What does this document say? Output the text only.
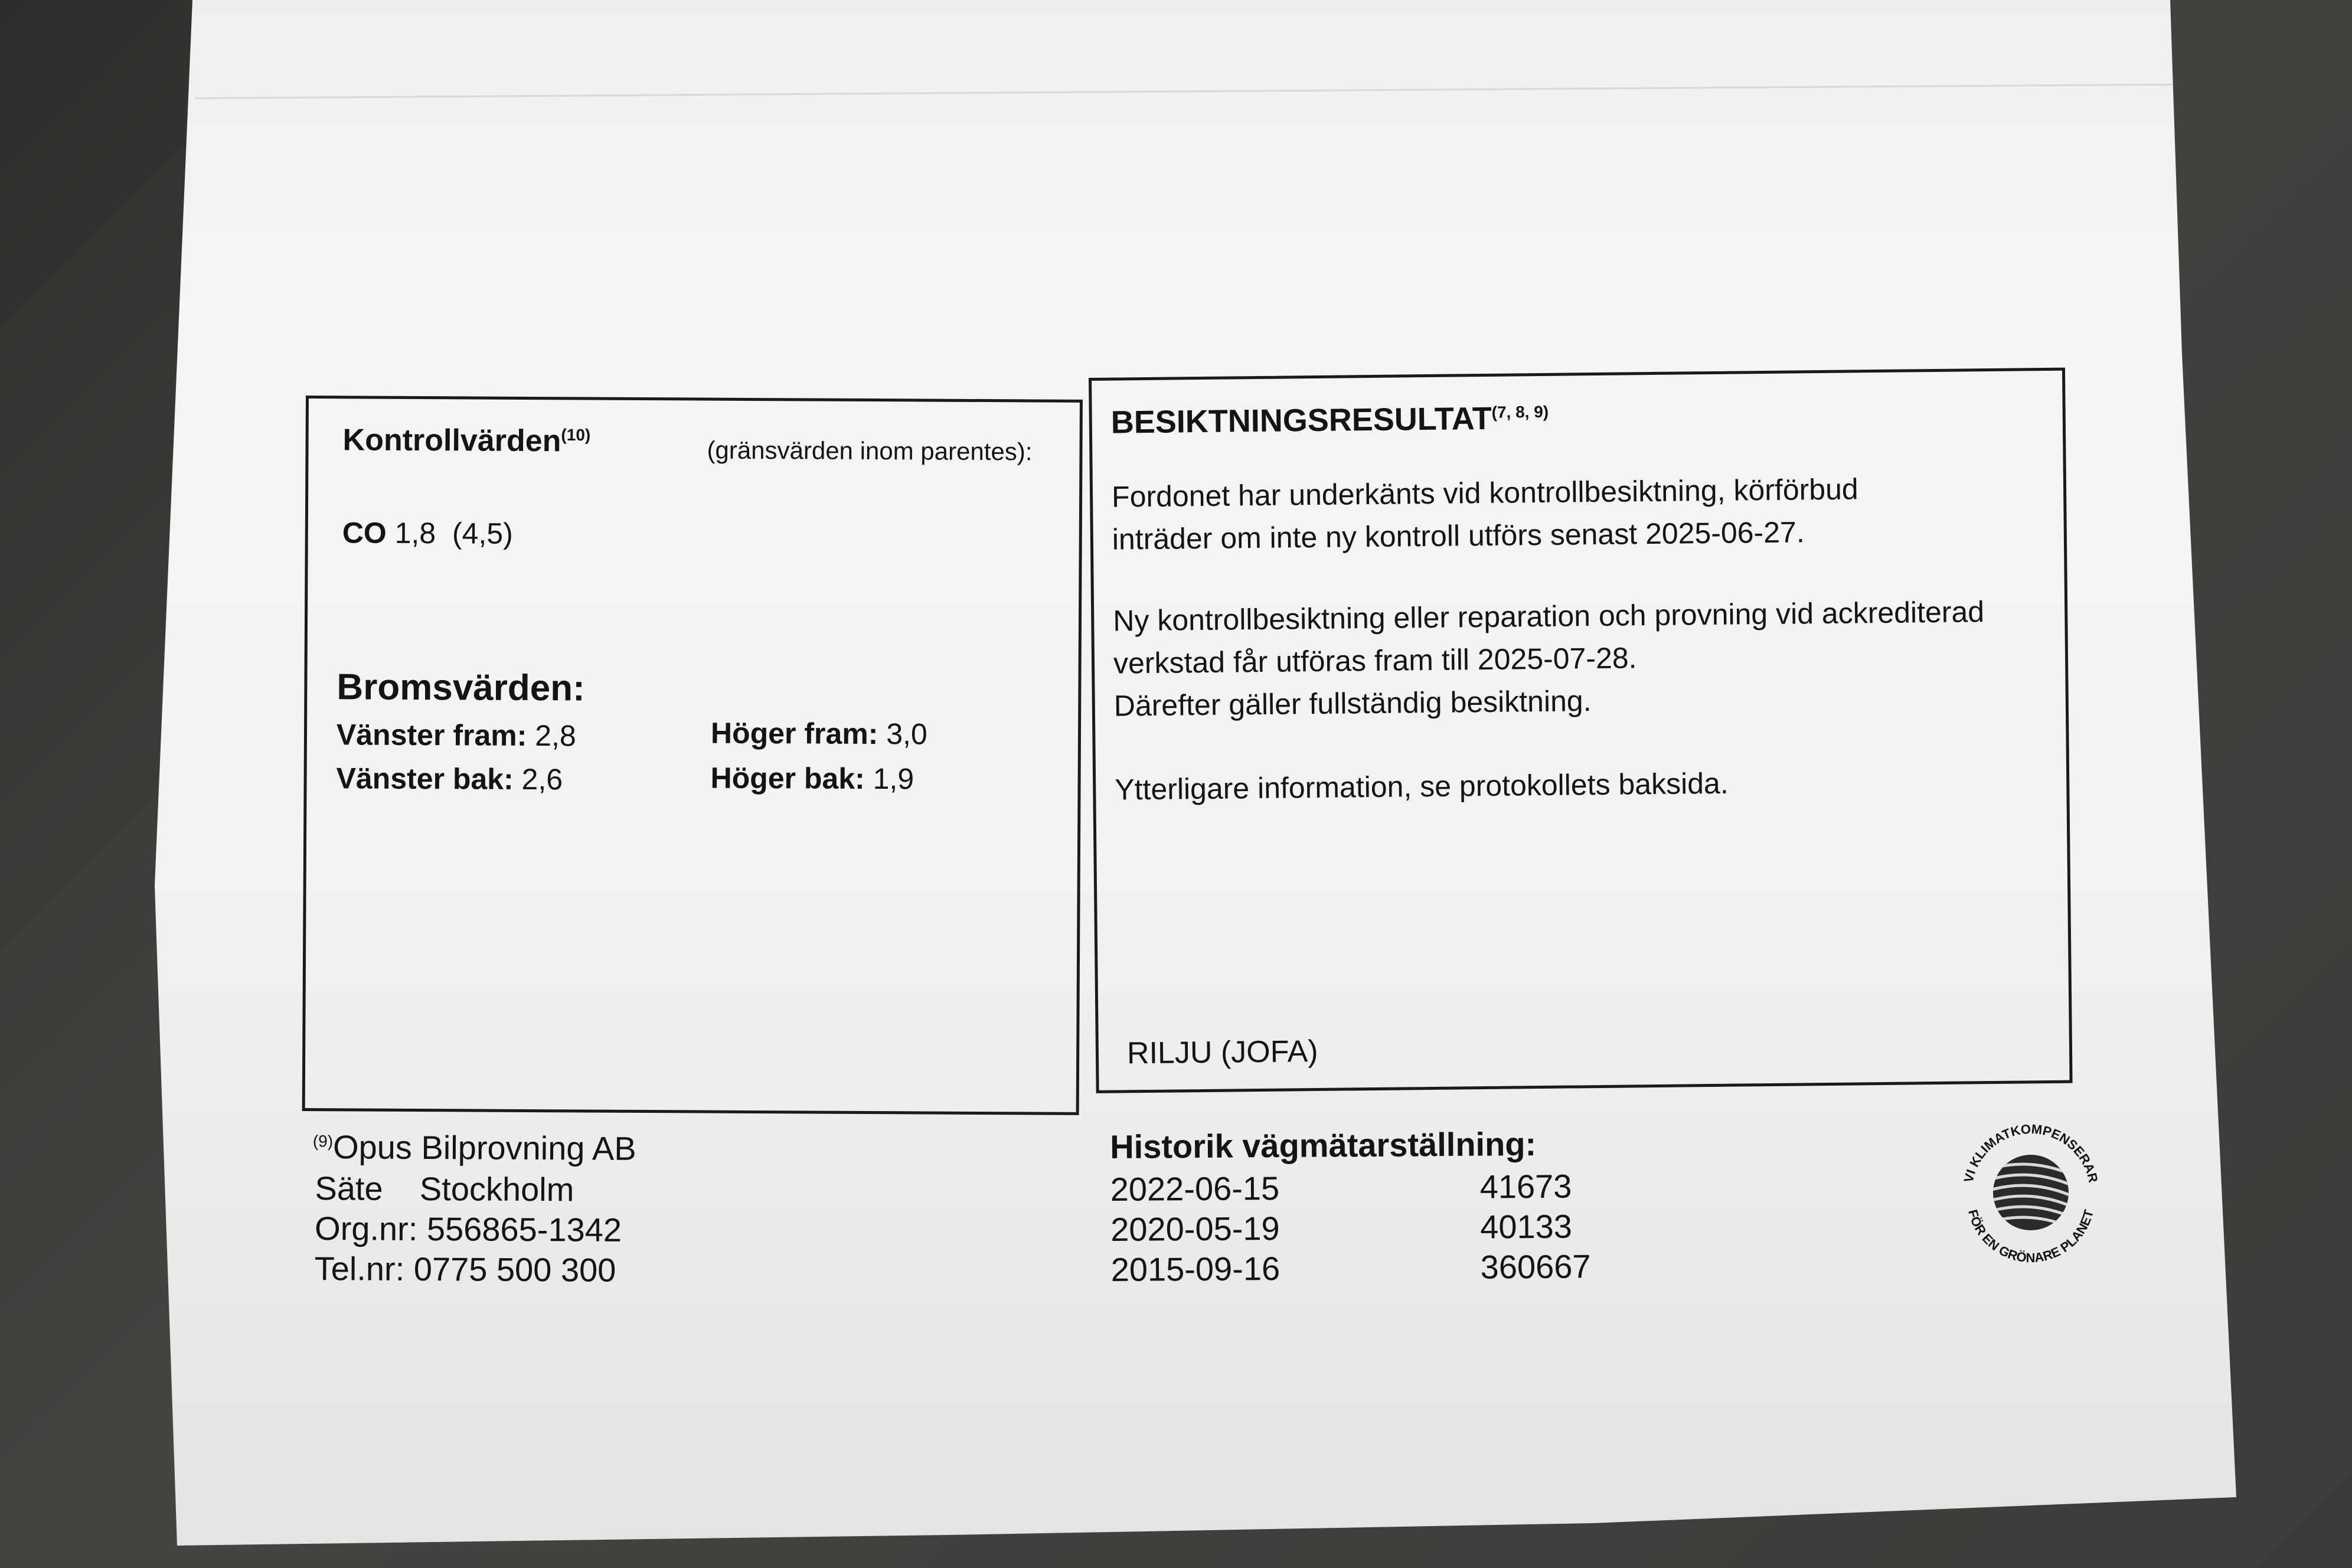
Kontrollvärden$^{(10)}$
(gränsvärden inom parentes):
CO 1,8 (4,5)
Bromsvärden:
Vänster fram: 2,8	Höger fram: 3,0
Vänster bak: 2,6	Höger bak: 1,9
BESIKTNINGSRESULTAT$^{(7, 8, 9)}$
Fordonet har underkänts vid kontrollbesiktning, körförbud
inträder om inte ny kontroll utförs senast 2025-06-27.
Ny kontrollbesiktning eller reparation och provning vid ackrediterad
verkstad får utföras fram till 2025-07-28.
Därefter gäller fullständig besiktning.
Ytterligare information, se protokollets baksida.
RILJU (JOFA)
$^{(9)}$Opus Bilprovning AB
Säte Stockholm
Org.nr: 556865-1342
Tel.nr: 0775 500 300
Historik vägmätarställning:
2022-06-15	41673
2020-05-19	40133
2015-09-16	360667
VI KLIMATKOMPENSERAR
FÖR EN GRÖNARE PLANET
